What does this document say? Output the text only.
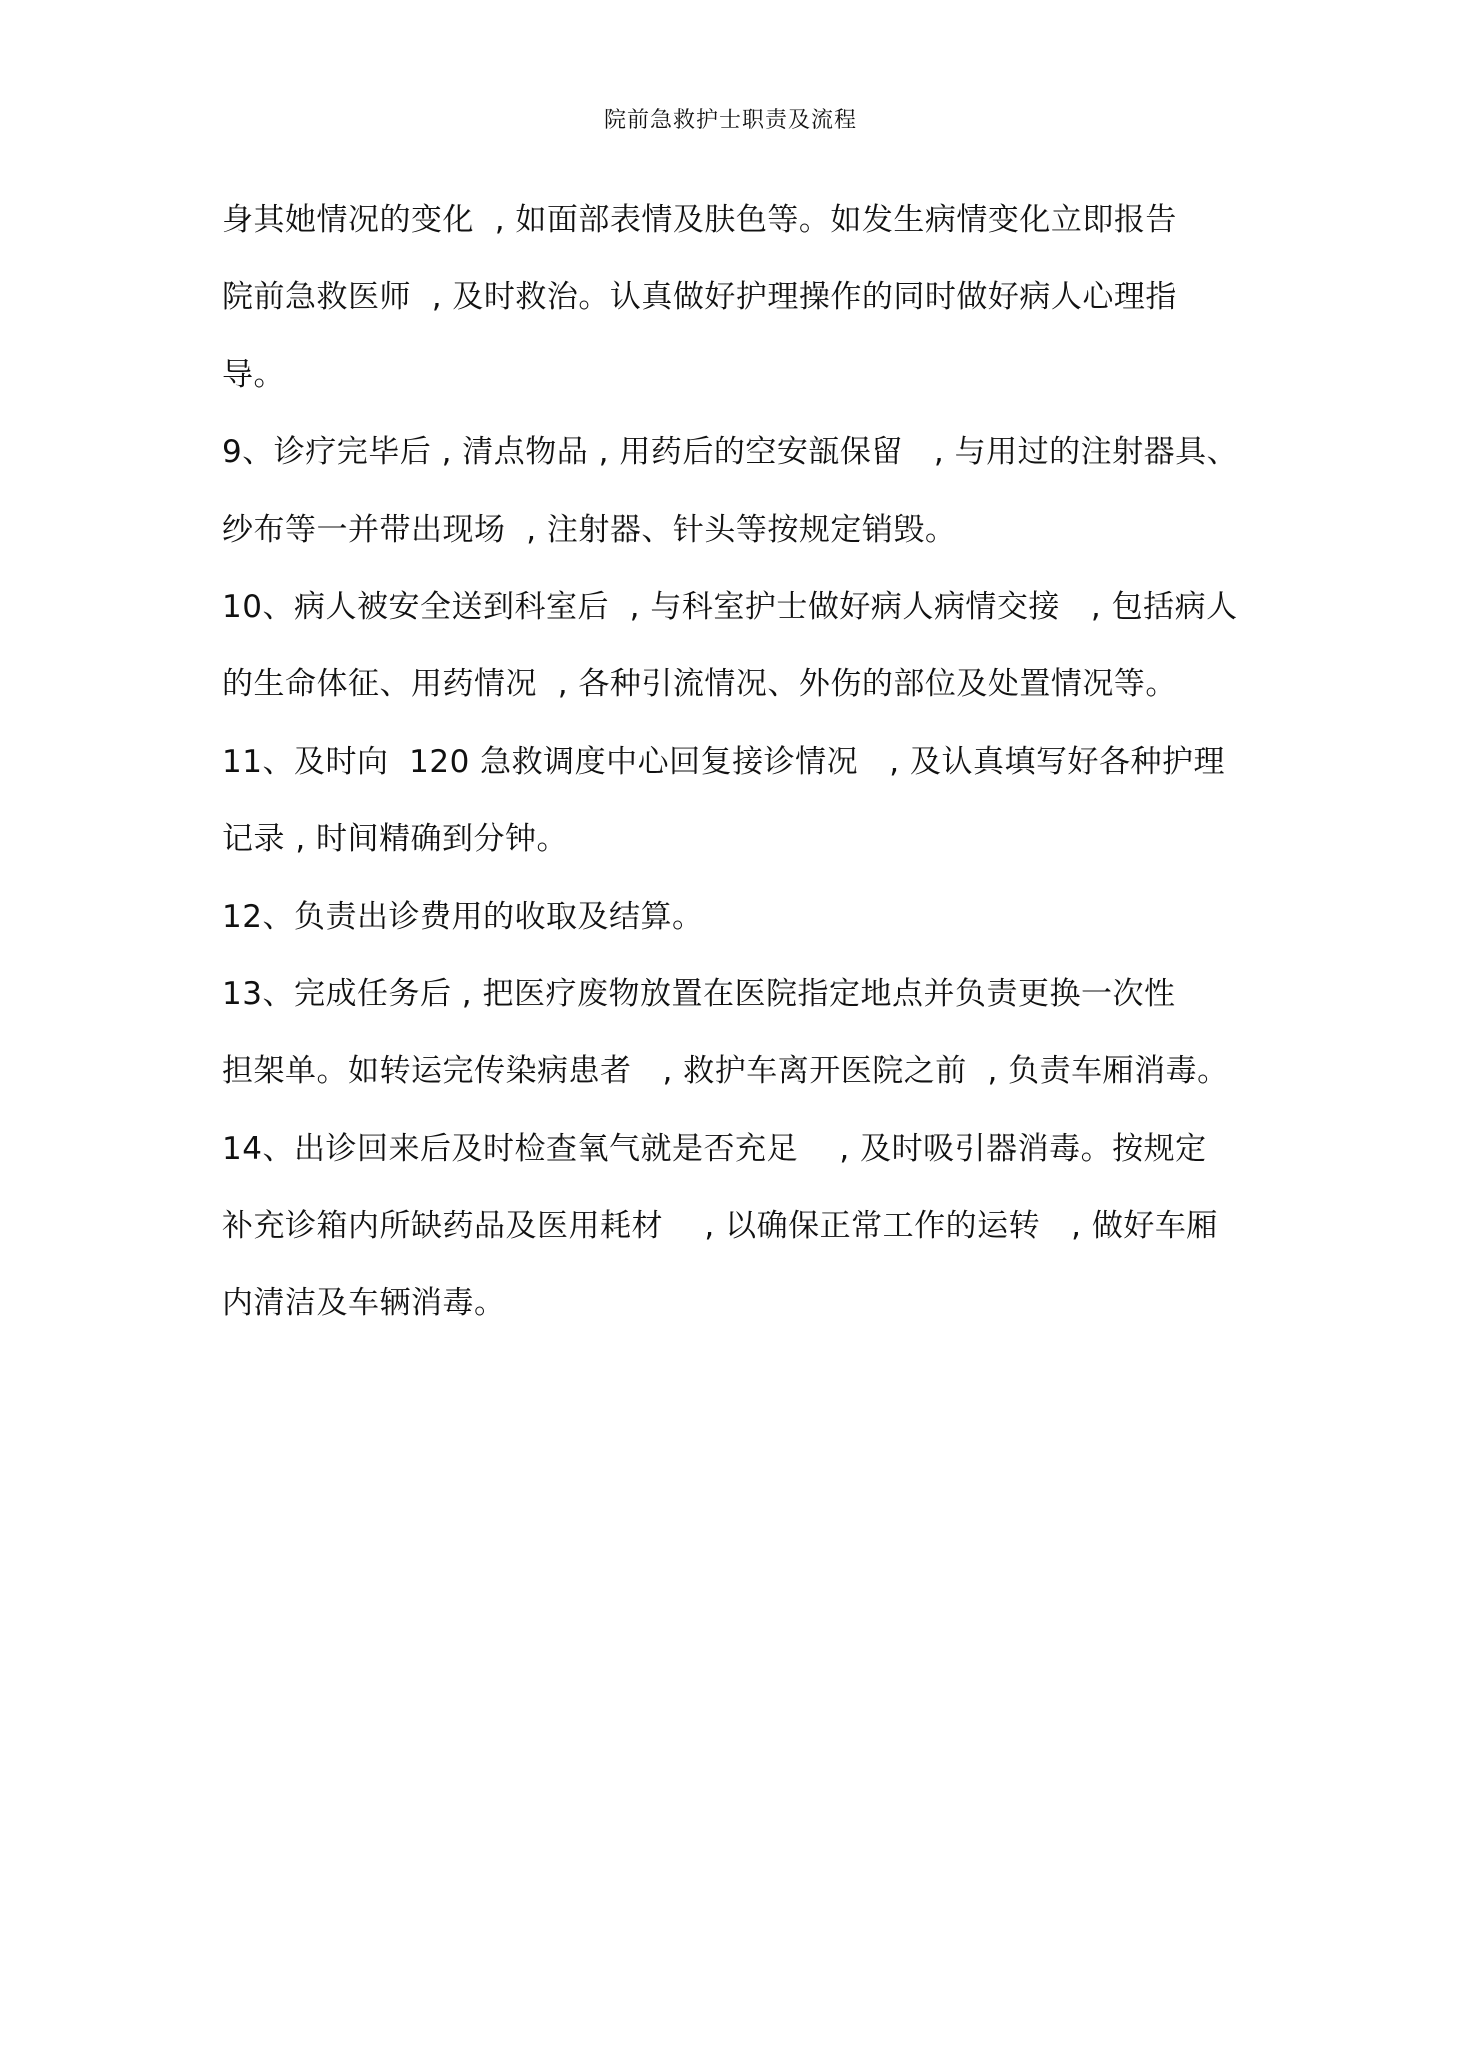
院前急救护士职责及流程
身其她情况的变化  , 如面部表情及肤色等。如发生病情变化立即报告
院前急救医师  , 及时救治。认真做好护理操作的同时做好病人心理指
导。
9、诊疗完毕后 , 清点物品 , 用药后的空安瓿保留   , 与用过的注射器具、
纱布等一并带出现场  , 注射器、针头等按规定销毁。
10、病人被安全送到科室后  , 与科室护士做好病人病情交接   , 包括病人
的生命体征、用药情况  , 各种引流情况、外伤的部位及处置情况等。
11、及时向  120 急救调度中心回复接诊情况   , 及认真填写好各种护理
记录 , 时间精确到分钟。
12、负责出诊费用的收取及结算。
13、完成任务后 , 把医疗废物放置在医院指定地点并负责更换一次性
担架单。如转运完传染病患者   , 救护车离开医院之前  , 负责车厢消毒。
14、出诊回来后及时检查氧气就是否充足    , 及时吸引器消毒。按规定
补充诊箱内所缺药品及医用耗材    , 以确保正常工作的运转   , 做好车厢
内清洁及车辆消毒。
